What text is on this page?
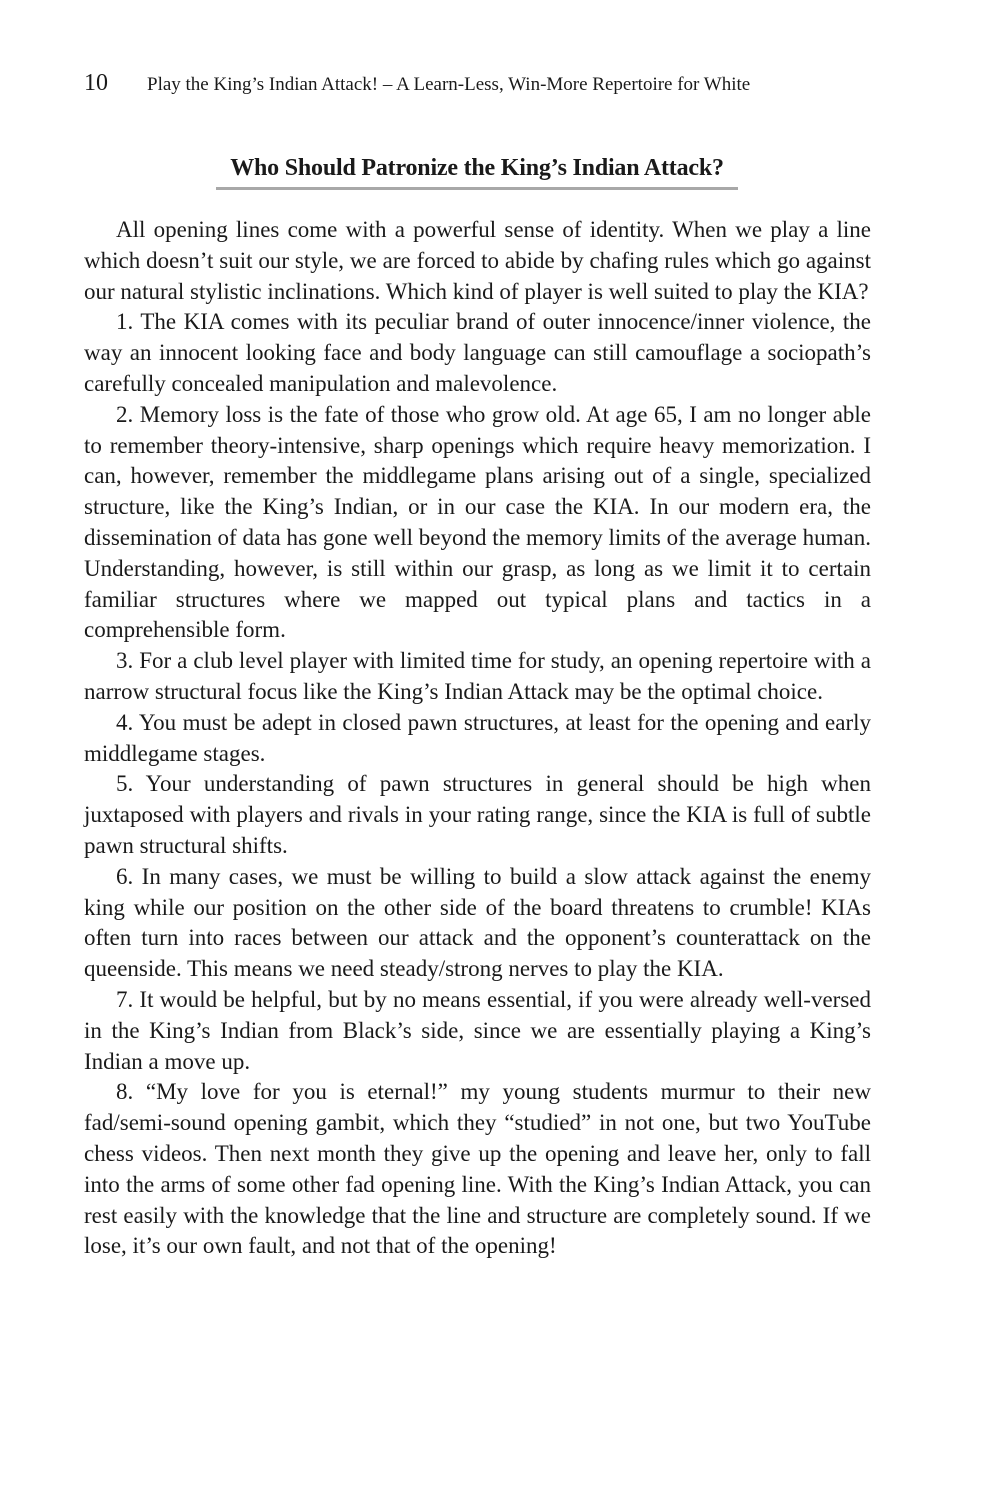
10 Play the King’s Indian Attack! – A Learn-Less, Win-More Repertoire for White
Who Should Patronize the King’s Indian Attack?

All opening lines come with a powerful sense of identity. When we play a line which doesn’t suit our style, we are forced to abide by chafing rules which go against our natural stylistic inclinations. Which kind of player is well suited to play the KIA?

1. The KIA comes with its peculiar brand of outer innocence/inner violence, the way an innocent looking face and body language can still camouflage a sociopath’s carefully concealed manipulation and malevolence.

2. Memory loss is the fate of those who grow old. At age 65, I am no longer able to remember theory-intensive, sharp openings which require heavy memorization. I can, however, remember the middlegame plans arising out of a single, specialized structure, like the King’s Indian, or in our case the KIA. In our modern era, the dissemination of data has gone well beyond the memory limits of the average human. Understanding, however, is still within our grasp, as long as we limit it to certain familiar structures where we mapped out typical plans and tactics in a comprehensible form.

3. For a club level player with limited time for study, an opening repertoire with a narrow structural focus like the King’s Indian Attack may be the optimal choice.

4. You must be adept in closed pawn structures, at least for the opening and early middlegame stages.

5. Your understanding of pawn structures in general should be high when juxtaposed with players and rivals in your rating range, since the KIA is full of subtle pawn structural shifts.

6. In many cases, we must be willing to build a slow attack against the enemy king while our position on the other side of the board threatens to crumble! KIAs often turn into races between our attack and the opponent’s counterattack on the queenside. This means we need steady/strong nerves to play the KIA.

7. It would be helpful, but by no means essential, if you were already well-versed in the King’s Indian from Black’s side, since we are essentially playing a King’s Indian a move up.

8. “My love for you is eternal!” my young students murmur to their new fad/semi-sound opening gambit, which they “studied” in not one, but two YouTube chess videos. Then next month they give up the opening and leave her, only to fall into the arms of some other fad opening line. With the King’s Indian Attack, you can rest easily with the knowledge that the line and structure are completely sound. If we lose, it’s our own fault, and not that of the opening!
